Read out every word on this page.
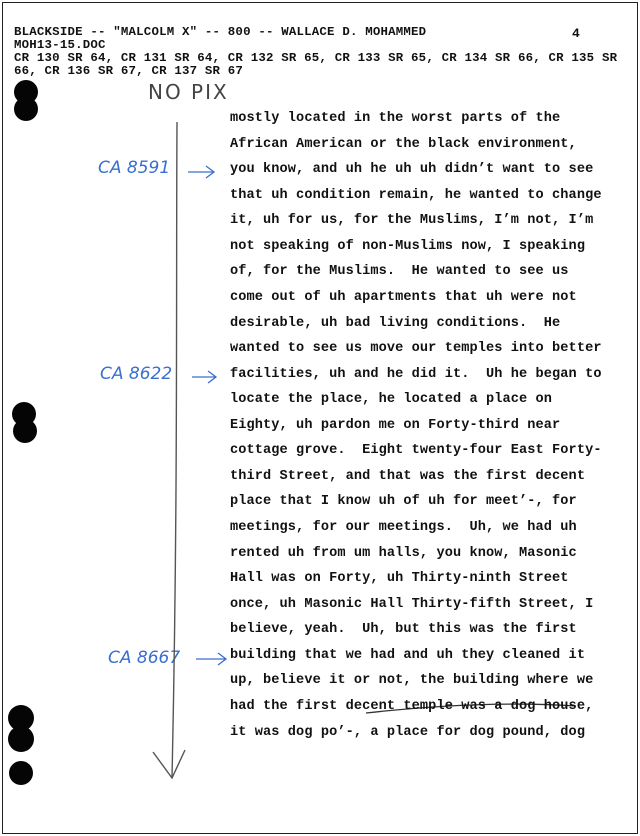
BLACKSIDE -- "MALCOLM X" -- 800 -- WALLACE D. MOHAMMED	4
MOH13-15.DOC
CR 130 SR 64, CR 131 SR 64, CR 132 SR 65, CR 133 SR 65, CR 134 SR 66, CR 135 SR
66, CR 136 SR 67, CR 137 SR 67
NO PIX
CA 8591
CA 8622
CA 8667
mostly located in the worst parts of the
African American or the black environment,
you know, and uh he uh uh didn’t want to see
that uh condition remain, he wanted to change
it, uh for us, for the Muslims, I’m not, I’m
not speaking of non-Muslims now, I speaking
of, for the Muslims.  He wanted to see us
come out of uh apartments that uh were not
desirable, uh bad living conditions.  He
wanted to see us move our temples into better
facilities, uh and he did it.  Uh he began to
locate the place, he located a place on
Eighty, uh pardon me on Forty-third near
cottage grove.  Eight twenty-four East Forty-
third Street, and that was the first decent
place that I know uh of uh for meet’-, for
meetings, for our meetings.  Uh, we had uh
rented uh from um halls, you know, Masonic
Hall was on Forty, uh Thirty-ninth Street
once, uh Masonic Hall Thirty-fifth Street, I
believe, yeah.  Uh, but this was the first
building that we had and uh they cleaned it
up, believe it or not, the building where we
had the first decent temple was a dog house,
it was dog po’-, a place for dog pound, dog
